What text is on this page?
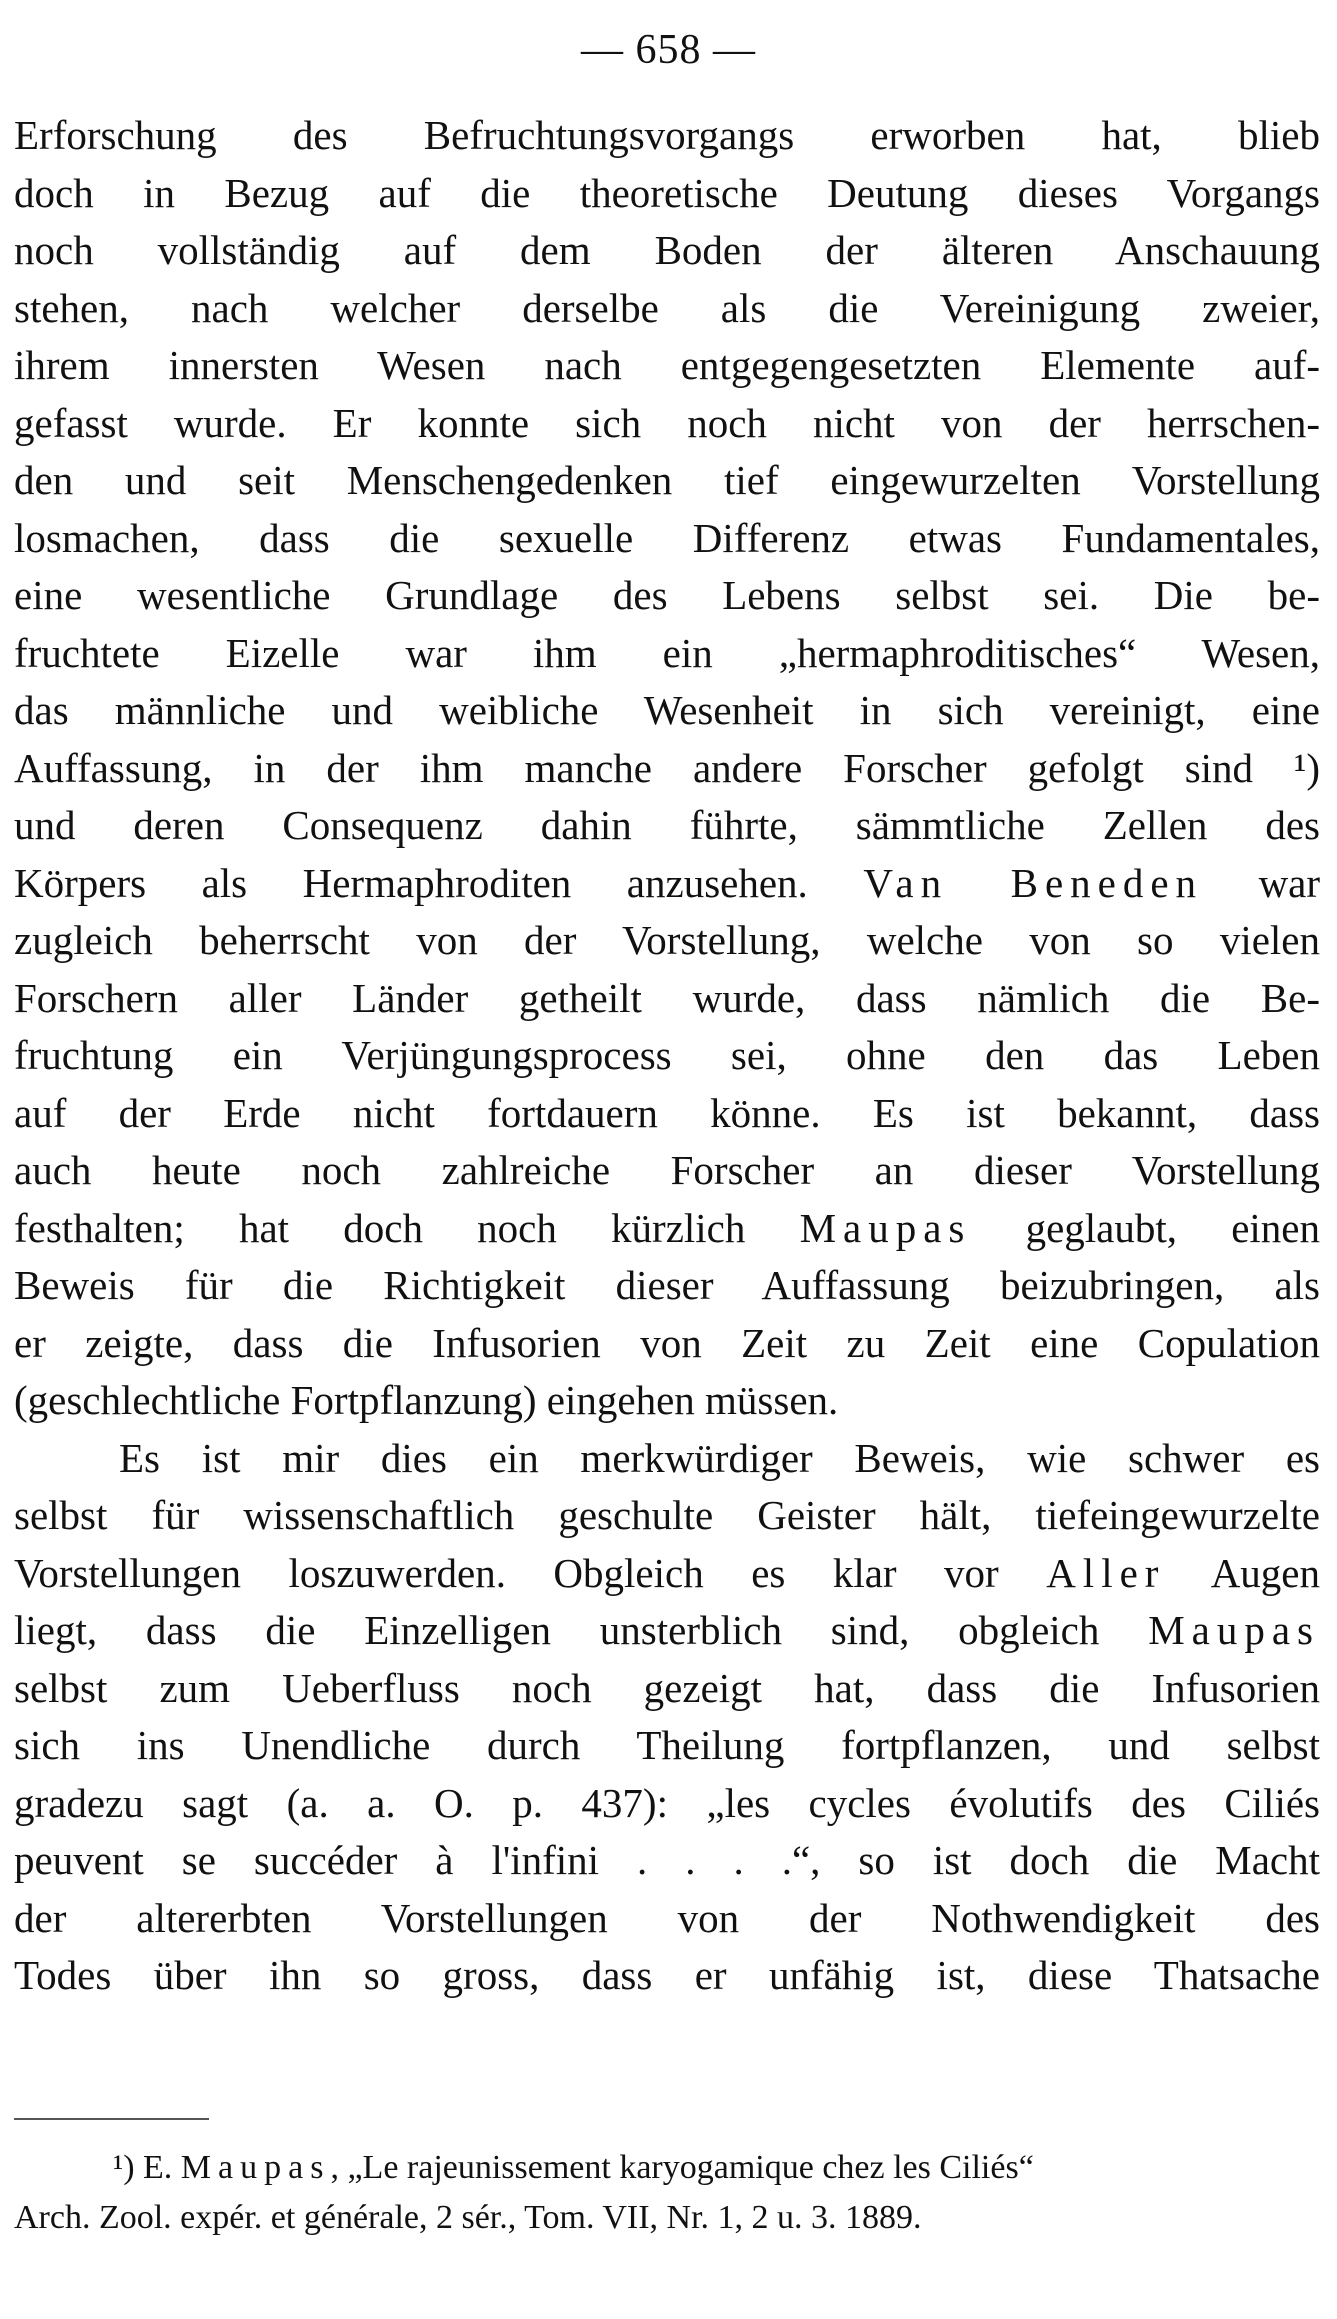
— 658 —
Erforschung des Befruchtungsvorgangs erworben hat, blieb
doch in Bezug auf die theoretische Deutung dieses Vorgangs
noch vollständig auf dem Boden der älteren Anschauung
stehen, nach welcher derselbe als die Vereinigung zweier,
ihrem innersten Wesen nach entgegengesetzten Elemente auf-
gefasst wurde. Er konnte sich noch nicht von der herrschen-
den und seit Menschengedenken tief eingewurzelten Vorstellung
losmachen, dass die sexuelle Differenz etwas Fundamentales,
eine wesentliche Grundlage des Lebens selbst sei. Die be-
fruchtete Eizelle war ihm ein „hermaphroditisches“ Wesen,
das männliche und weibliche Wesenheit in sich vereinigt, eine
Auffassung, in der ihm manche andere Forscher gefolgt sind ¹)
und deren Consequenz dahin führte, sämmtliche Zellen des
Körpers als Hermaphroditen anzusehen. Van Beneden war
zugleich beherrscht von der Vorstellung, welche von so vielen
Forschern aller Länder getheilt wurde, dass nämlich die Be-
fruchtung ein Verjüngungsprocess sei, ohne den das Leben
auf der Erde nicht fortdauern könne. Es ist bekannt, dass
auch heute noch zahlreiche Forscher an dieser Vorstellung
festhalten; hat doch noch kürzlich Maupas geglaubt, einen
Beweis für die Richtigkeit dieser Auffassung beizubringen, als
er zeigte, dass die Infusorien von Zeit zu Zeit eine Copulation
(geschlechtliche Fortpflanzung) eingehen müssen.
Es ist mir dies ein merkwürdiger Beweis, wie schwer es
selbst für wissenschaftlich geschulte Geister hält, tiefeingewurzelte
Vorstellungen loszuwerden. Obgleich es klar vor Aller Augen
liegt, dass die Einzelligen unsterblich sind, obgleich Maupas
selbst zum Ueberfluss noch gezeigt hat, dass die Infusorien
sich ins Unendliche durch Theilung fortpflanzen, und selbst
gradezu sagt (a. a. O. p. 437): „les cycles évolutifs des Ciliés
peuvent se succéder à l'infini . . . .“, so ist doch die Macht
der altererbten Vorstellungen von der Nothwendigkeit des
Todes über ihn so gross, dass er unfähig ist, diese Thatsache
¹) E. Maupas, „Le rajeunissement karyogamique chez les Ciliés“
Arch. Zool. expér. et générale, 2 sér., Tom. VII, Nr. 1, 2 u. 3. 1889.
